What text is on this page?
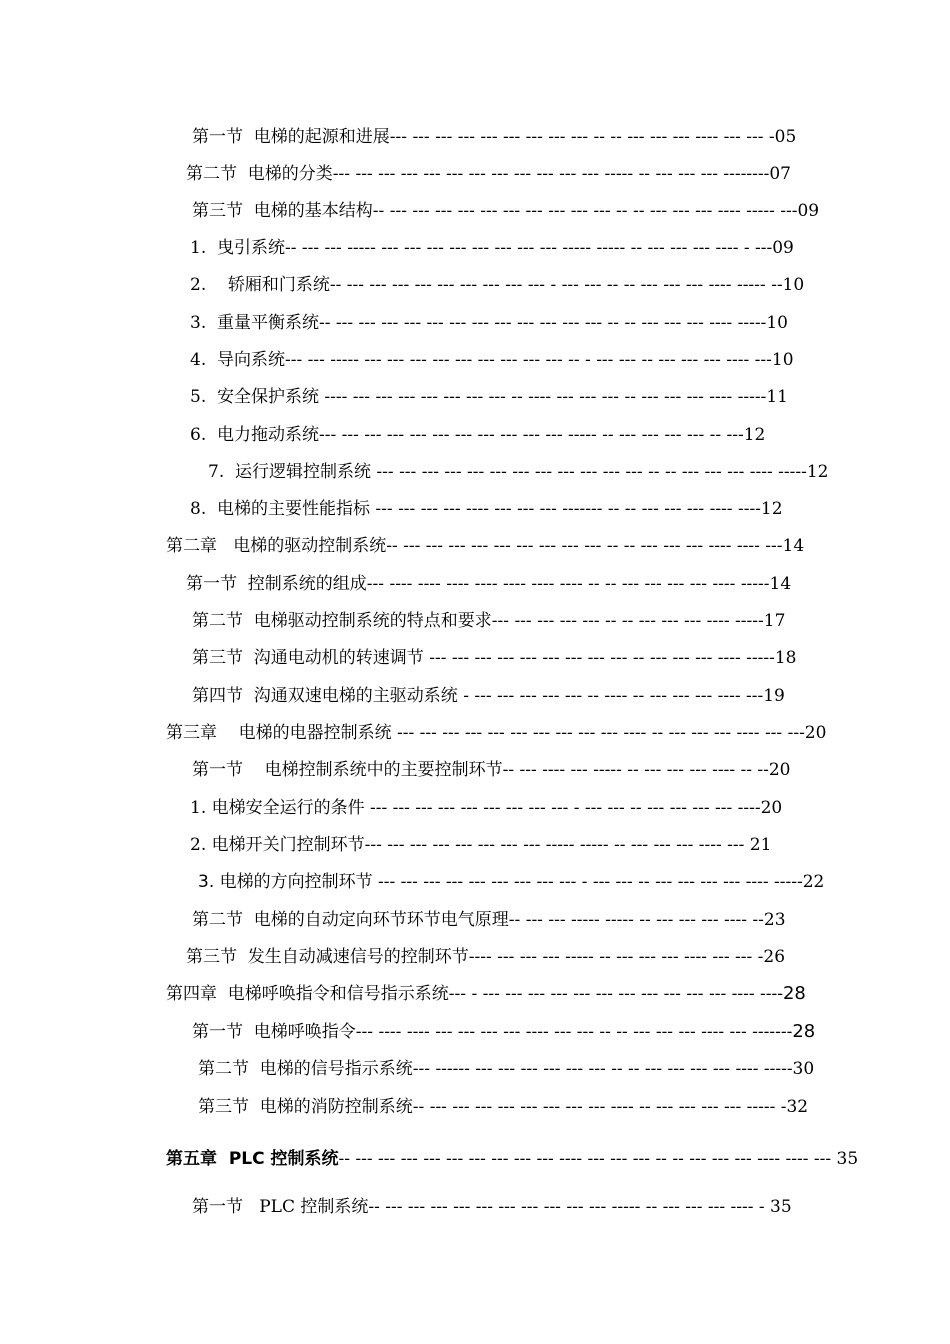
第一节  电梯的起源和进展--- --- --- --- --- --- --- --- --- -- -- --- --- --- ---- --- --- -05
第二节  电梯的分类--- --- --- --- --- --- --- --- --- --- --- --- ----- -- --- --- --- --------07
第三节  电梯的基本结构-- --- --- --- --- --- --- --- --- --- --- -- -- --- --- --- ---- ----- ---09
1.  曳引系统-- --- --- ----- --- --- --- --- --- --- --- --- ----- ----- -- --- --- --- ---- - ---09
2.    轿厢和门系统-- --- --- --- --- --- --- --- --- --- - --- --- -- -- --- --- --- ---- ----- --10
3.  重量平衡系统-- --- --- --- --- --- --- --- --- --- --- --- --- -- -- --- --- --- ---- -----10
4.  导向系统--- --- ----- --- --- --- --- --- --- --- --- --- -- - --- --- -- --- --- --- ---- ---10
5.  安全保护系统 ---- --- --- --- --- --- --- --- -- ---- --- --- --- -- --- --- --- ---- -----11
6.  电力拖动系统--- --- --- --- --- --- --- --- --- --- --- ----- -- --- --- --- --- -- ---12
7.  运行逻辑控制系统 --- --- --- --- --- --- --- --- --- --- --- --- -- -- --- --- --- ---- -----12
8.  电梯的主要性能指标 --- --- --- --- ---- --- --- --- ------- -- -- --- --- --- ---- ----12
第二章   电梯的驱动控制系统-- --- --- --- --- --- --- --- --- --- -- -- --- --- --- ---- ---- ---14
第一节  控制系统的组成--- ---- ---- ---- ---- ---- ---- ---- -- -- --- --- --- --- ---- -----14
第二节  电梯驱动控制系统的特点和要求--- --- --- --- --- -- -- --- --- --- ---- -----17
第三节  沟通电动机的转速调节 --- --- --- --- --- --- --- --- --- -- --- --- --- ---- -----18
第四节  沟通双速电梯的主驱动系统 - --- --- --- --- --- -- ---- -- --- --- --- ---- ---19
第三章    电梯的电器控制系统 --- --- --- --- --- --- --- --- --- --- ---- -- --- --- --- ---- --- ---20
第一节    电梯控制系统中的主要控制环节-- --- ---- --- ----- -- --- --- --- ---- -- --20
1. 电梯安全运行的条件 --- --- --- --- --- --- --- --- --- - --- --- -- --- --- --- --- ----20
2. 电梯开关门控制环节--- --- --- --- --- --- --- --- ----- ----- -- --- --- --- ---- --- 21
3. 电梯的方向控制环节 --- --- --- --- --- --- --- --- --- - --- --- -- --- --- --- --- ---- -----22
第二节  电梯的自动定向环节环节电气原理-- --- --- ----- ----- -- --- --- --- ---- --23
第三节  发生自动减速信号的控制环节---- --- --- --- ----- -- --- --- --- ---- --- --- -26
第四章  电梯呼唤指令和信号指示系统--- - --- --- --- --- --- --- --- --- --- --- --- ---- ----28
第一节  电梯呼唤指令--- ---- ---- --- --- --- --- ---- --- --- -- -- --- --- --- ---- --- -------28
第二节  电梯的信号指示系统--- ------ --- --- --- --- --- --- -- -- --- --- --- --- ---- -----30
第三节  电梯的消防控制系统-- --- --- --- --- --- --- --- --- ---- -- --- --- --- --- ----- -32
第五章  PLC 控制系统-- --- --- --- --- --- --- --- --- --- ---- --- --- --- -- -- --- --- --- ---- ---- --- 35
第一节   PLC 控制系统-- --- --- --- --- --- --- --- --- --- --- ----- -- --- --- --- ---- - 35
